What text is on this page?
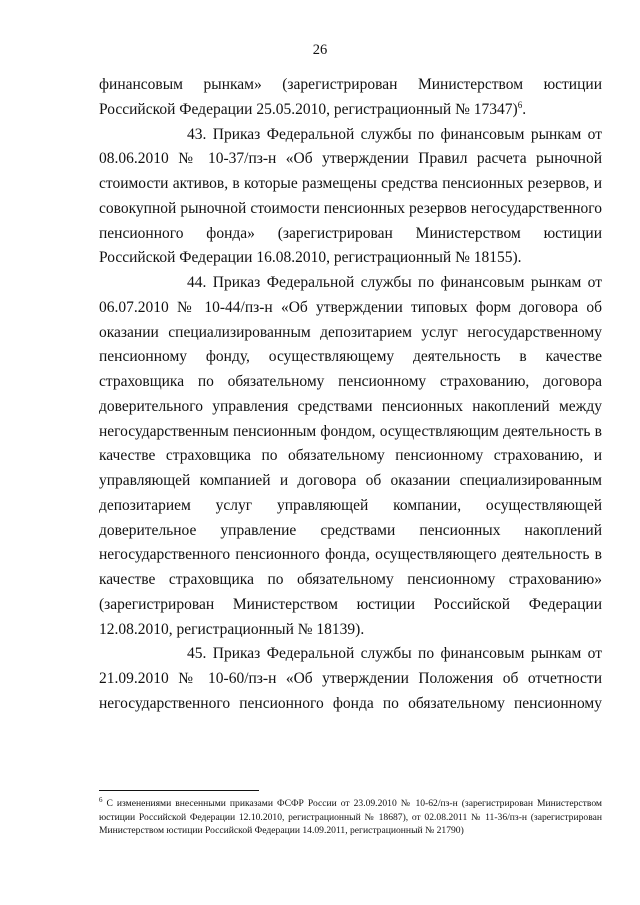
26

финансовым рынкам» (зарегистрирован Министерством юстиции Российской Федерации 25.05.2010, регистрационный № 17347)$^6$.

43. Приказ Федеральной службы по финансовым рынкам от 08.06.2010 № 10-37/пз-н «Об утверждении Правил расчета рыночной стоимости активов, в которые размещены средства пенсионных резервов, и совокупной рыночной стоимости пенсионных резервов негосударственного пенсионного фонда» (зарегистрирован Министерством юстиции Российской Федерации 16.08.2010, регистрационный № 18155).

44. Приказ Федеральной службы по финансовым рынкам от 06.07.2010 № 10-44/пз-н «Об утверждении типовых форм договора об оказании специализированным депозитарием услуг негосударственному пенсионному фонду, осуществляющему деятельность в качестве страховщика по обязательному пенсионному страхованию, договора доверительного управления средствами пенсионных накоплений между негосударственным пенсионным фондом, осуществляющим деятельность в качестве страховщика по обязательному пенсионному страхованию, и управляющей компанией и договора об оказании специализированным депозитарием услуг управляющей компании, осуществляющей доверительное управление средствами пенсионных накоплений негосударственного пенсионного фонда, осуществляющего деятельность в качестве страховщика по обязательному пенсионному страхованию» (зарегистрирован Министерством юстиции Российской Федерации 12.08.2010, регистрационный № 18139).

45. Приказ Федеральной службы по финансовым рынкам от 21.09.2010 № 10-60/пз-н «Об утверждении Положения об отчетности негосударственного пенсионного фонда по обязательному пенсионному

$^6$ С изменениями внесенными приказами ФСФР России от 23.09.2010 № 10-62/пз-н (зарегистрирован Министерством юстиции Российской Федерации 12.10.2010, регистрационный № 18687), от 02.08.2011 № 11-36/пз-н (зарегистрирован Министерством юстиции Российской Федерации 14.09.2011, регистрационный № 21790)
